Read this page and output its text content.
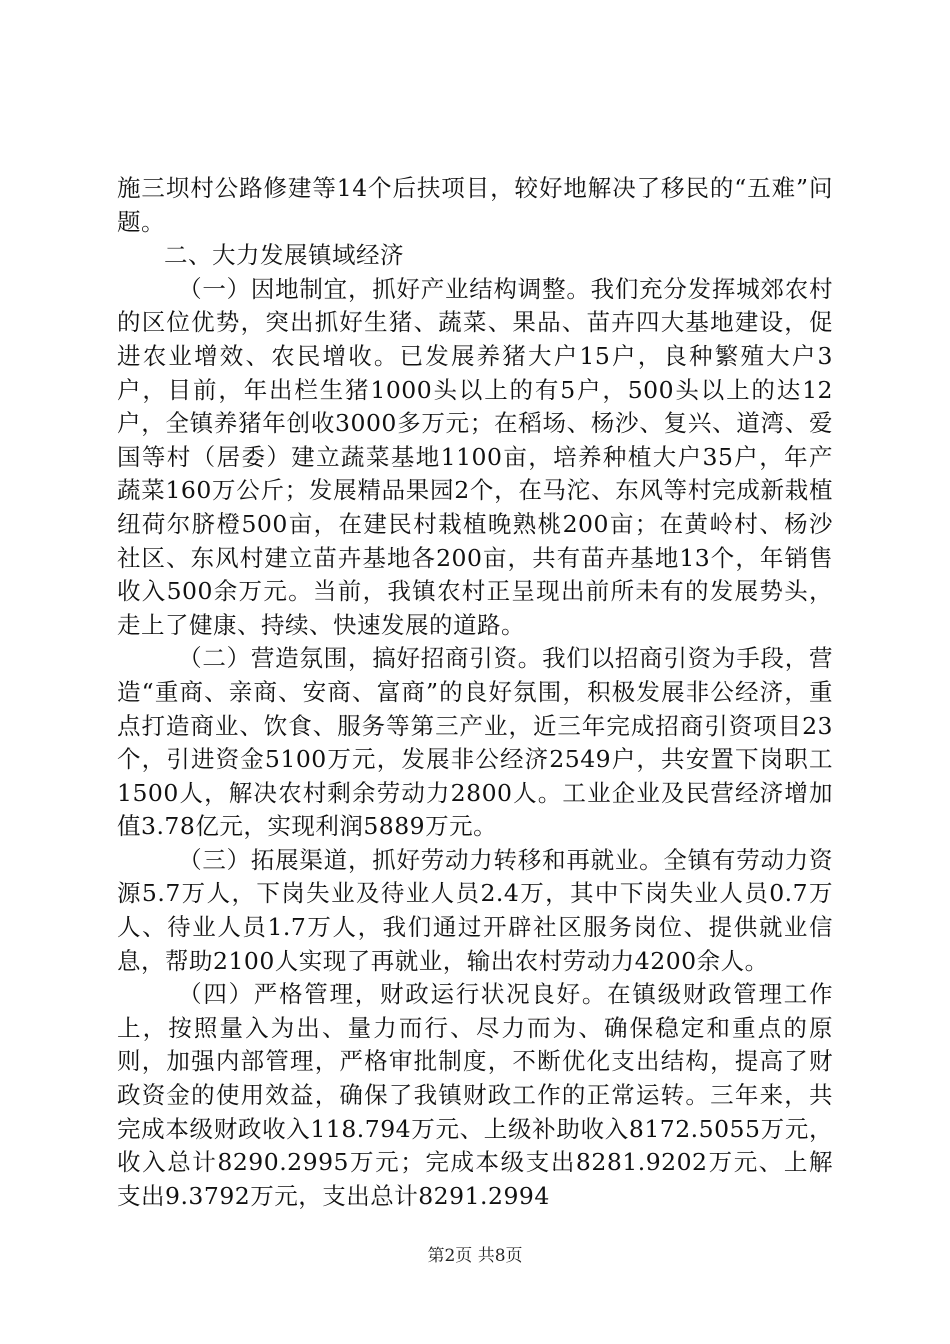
施三坝村公路修建等14个后扶项目，较好地解决了移民的“五难”问题。

二、大力发展镇域经济

（一）因地制宜，抓好产业结构调整。我们充分发挥城郊农村的区位优势，突出抓好生猪、蔬菜、果品、苗卉四大基地建设，促进农业增效、农民增收。已发展养猪大户15户，良种繁殖大户3户，目前，年出栏生猪1000头以上的有5户，500头以上的达12户，全镇养猪年创收3000多万元；在稻场、杨沙、复兴、道湾、爱国等村（居委）建立蔬菜基地1100亩，培养种植大户35户，年产蔬菜160万公斤；发展精品果园2个，在马沱、东风等村完成新栽植纽荷尔脐橙500亩，在建民村栽植晚熟桃200亩；在黄岭村、杨沙社区、东风村建立苗卉基地各200亩，共有苗卉基地13个，年销售收入500余万元。当前，我镇农村正呈现出前所未有的发展势头，走上了健康、持续、快速发展的道路。

（二）营造氛围，搞好招商引资。我们以招商引资为手段，营造“重商、亲商、安商、富商”的良好氛围，积极发展非公经济，重点打造商业、饮食、服务等第三产业，近三年完成招商引资项目23个，引进资金5100万元，发展非公经济2549户，共安置下岗职工1500人，解决农村剩余劳动力2800人。工业企业及民营经济增加值3.78亿元，实现利润5889万元。

（三）拓展渠道，抓好劳动力转移和再就业。全镇有劳动力资源5.7万人，下岗失业及待业人员2.4万，其中下岗失业人员0.7万人、待业人员1.7万人，我们通过开辟社区服务岗位、提供就业信息，帮助2100人实现了再就业，输出农村劳动力4200余人。

（四）严格管理，财政运行状况良好。在镇级财政管理工作上，按照量入为出、量力而行、尽力而为、确保稳定和重点的原则，加强内部管理，严格审批制度，不断优化支出结构，提高了财政资金的使用效益，确保了我镇财政工作的正常运转。三年来，共完成本级财政收入118.794万元、上级补助收入8172.5055万元，收入总计8290.2995万元；完成本级支出8281.9202万元、上解支出9.3792万元，支出总计8291.2994

第2页 共8页
